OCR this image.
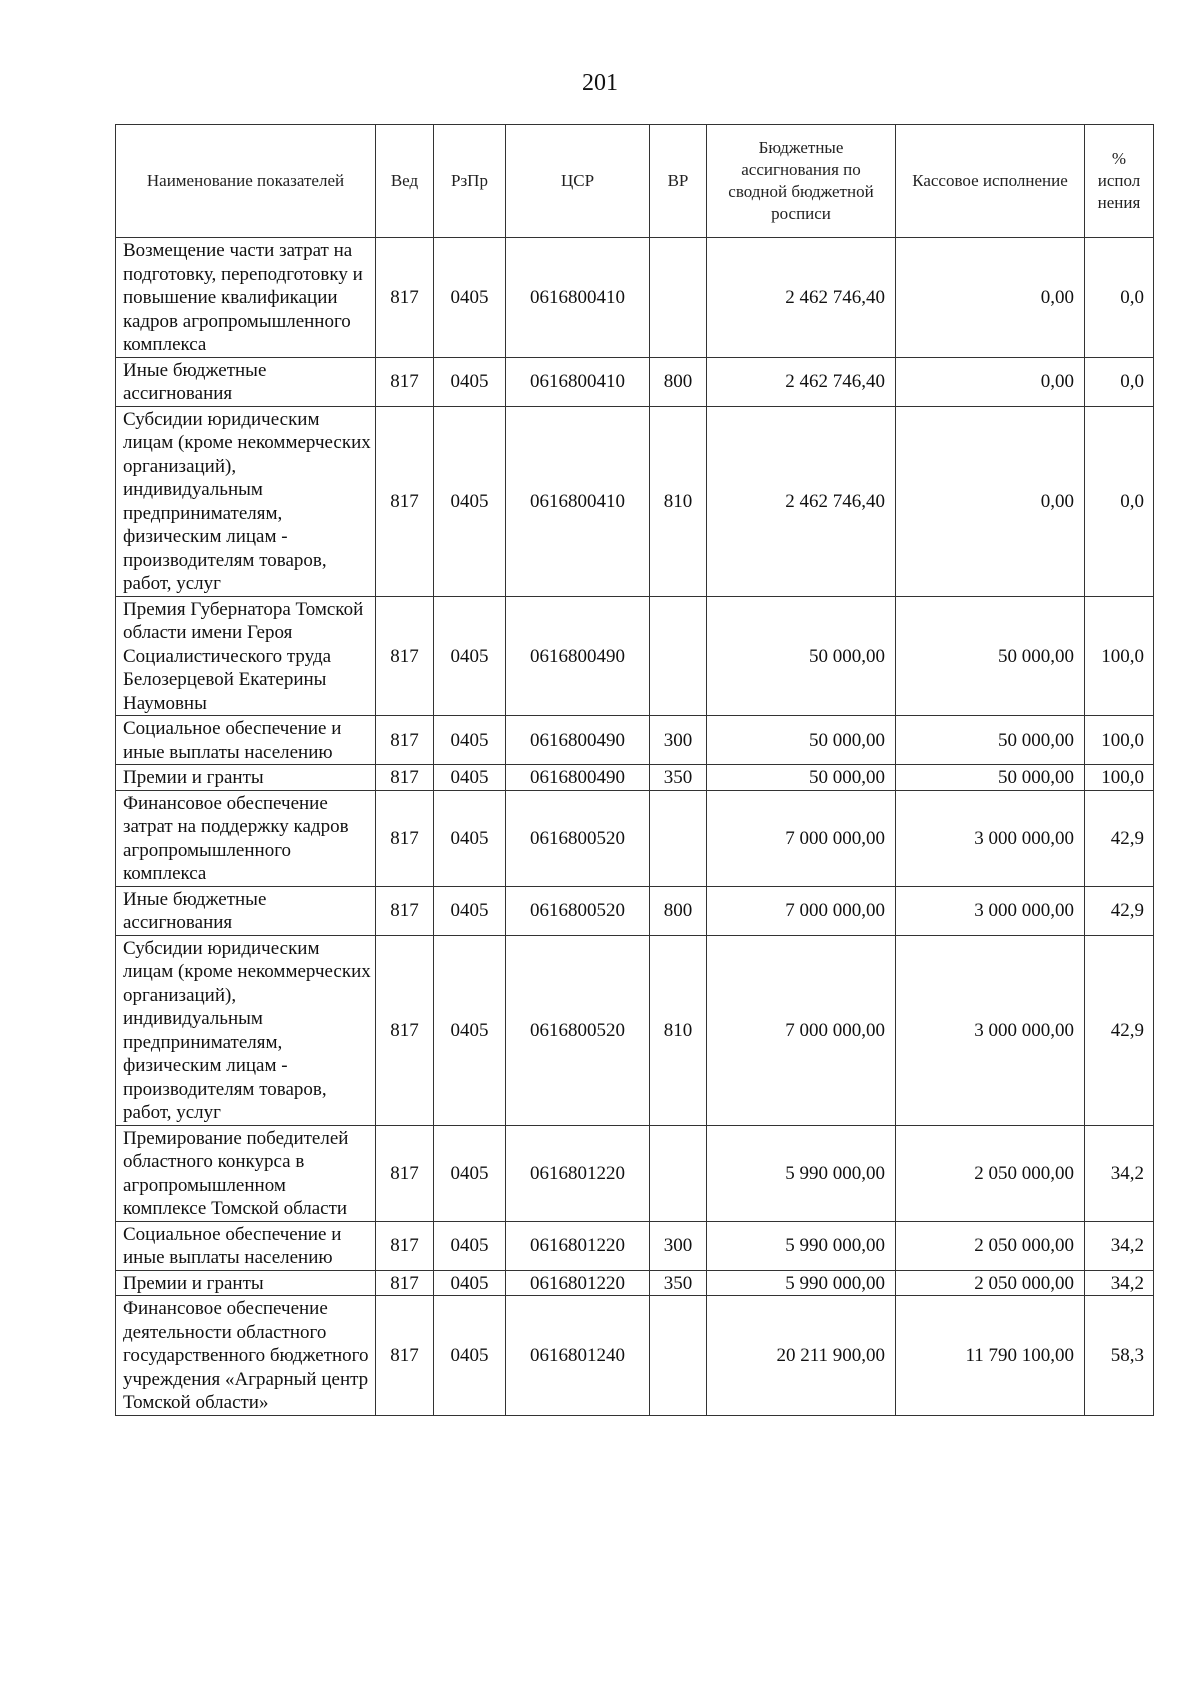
201
Наименование показателей	Вед	РзПр	ЦСР	ВР	Бюджетные ассигнования по сводной бюджетной росписи	Кассовое исполнение	% испол нения
Возмещение части затрат на подготовку, переподготовку и повышение квалификации кадров агропромышленного комплекса	817	0405	0616800410		2 462 746,40	0,00	0,0
Иные бюджетные ассигнования	817	0405	0616800410	800	2 462 746,40	0,00	0,0
Субсидии юридическим лицам (кроме некоммерческих организаций), индивидуальным предпринимателям, физическим лицам - производителям товаров, работ, услуг	817	0405	0616800410	810	2 462 746,40	0,00	0,0
Премия Губернатора Томской области имени Героя Социалистического труда Белозерцевой Екатерины Наумовны	817	0405	0616800490		50 000,00	50 000,00	100,0
Социальное обеспечение и иные выплаты населению	817	0405	0616800490	300	50 000,00	50 000,00	100,0
Премии и гранты	817	0405	0616800490	350	50 000,00	50 000,00	100,0
Финансовое обеспечение затрат на поддержку кадров агропромышленного комплекса	817	0405	0616800520		7 000 000,00	3 000 000,00	42,9
Иные бюджетные ассигнования	817	0405	0616800520	800	7 000 000,00	3 000 000,00	42,9
Субсидии юридическим лицам (кроме некоммерческих организаций), индивидуальным предпринимателям, физическим лицам - производителям товаров, работ, услуг	817	0405	0616800520	810	7 000 000,00	3 000 000,00	42,9
Премирование победителей областного конкурса в агропромышленном комплексе Томской области	817	0405	0616801220		5 990 000,00	2 050 000,00	34,2
Социальное обеспечение и иные выплаты населению	817	0405	0616801220	300	5 990 000,00	2 050 000,00	34,2
Премии и гранты	817	0405	0616801220	350	5 990 000,00	2 050 000,00	34,2
Финансовое обеспечение деятельности областного государственного бюджетного учреждения «Аграрный центр Томской области»	817	0405	0616801240		20 211 900,00	11 790 100,00	58,3
